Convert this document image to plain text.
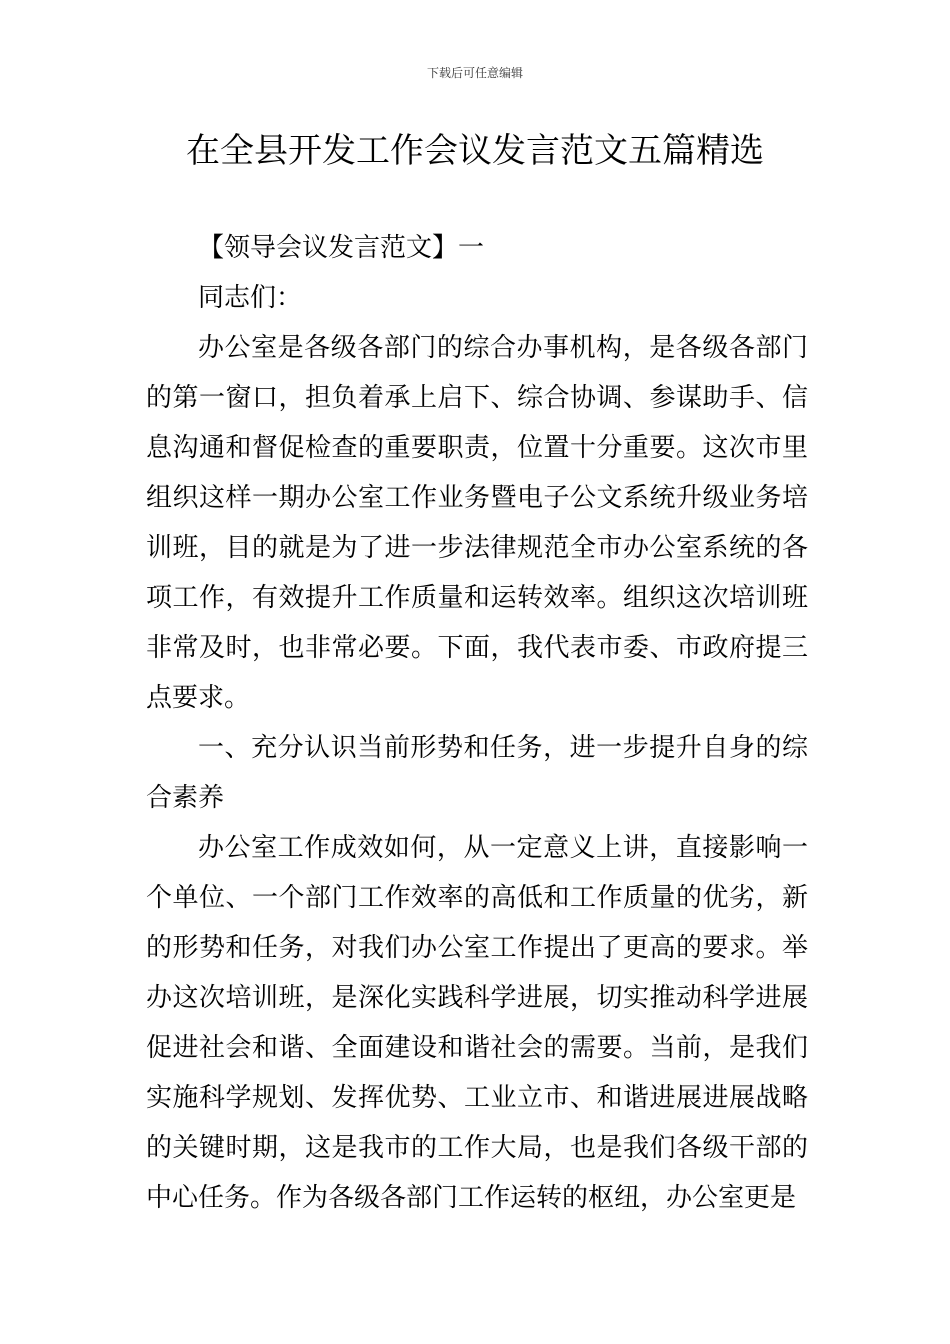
下载后可任意编辑
在全县开发工作会议发言范文五篇精选

【领导会议发言范文】一

同志们：

办公室是各级各部门的综合办事机构，是各级各部门的第一窗口，担负着承上启下、综合协调、参谋助手、信息沟通和督促检查的重要职责，位置十分重要。这次市里组织这样一期办公室工作业务暨电子公文系统升级业务培训班，目的就是为了进一步法律规范全市办公室系统的各项工作，有效提升工作质量和运转效率。组织这次培训班非常及时，也非常必要。下面，我代表市委、市政府提三点要求。

一、充分认识当前形势和任务，进一步提升自身的综合素养

办公室工作成效如何，从一定意义上讲，直接影响一个单位、一个部门工作效率的高低和工作质量的优劣，新的形势和任务，对我们办公室工作提出了更高的要求。举办这次培训班，是深化实践科学进展，切实推动科学进展促进社会和谐、全面建设和谐社会的需要。当前，是我们实施科学规划、发挥优势、工业立市、和谐进展进展战略的关键时期，这是我市的工作大局，也是我们各级干部的中心任务。作为各级各部门工作运转的枢纽，办公室更是
